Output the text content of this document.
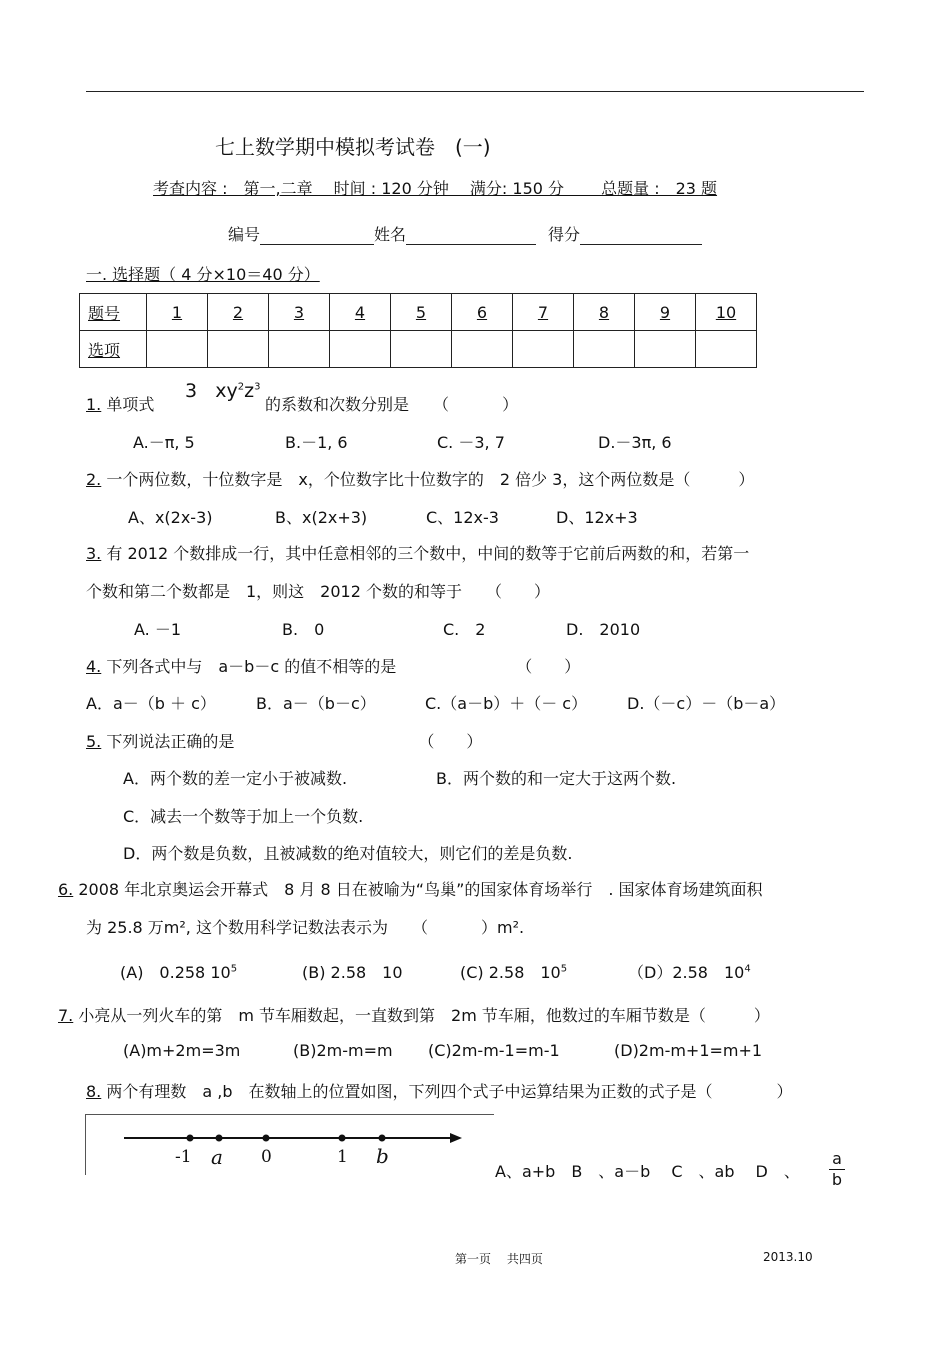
七上数学期中模拟考试卷　(一)
考查内容 :　第一,二章　 时间 : 120 分钟　 满分: 150 分　　 总题量 :　23 题
编号	姓名	得分
一. 选择题（ 4 分×10＝40 分）
题号	1	2	3	4	5	6	7	8	9	10
选项										
1. 单项式
3 $xy^2z^3$
的系数和次数分别是　　（　　　 ）
A.－π, 5	B.－1, 6	C. －3, 7	D.－3π, 6
2. 一个两位数，十位数字是　x，个位数字比十位数字的　2 倍少 3，这个两位数是（　　　）
A、x(2x-3)	B、x(2x+3)	C、12x-3	D、12x+3
3. 有 2012 个数排成一行，其中任意相邻的三个数中，中间的数等于它前后两数的和，若第一
个数和第二个数都是　1，则这　2012 个数的和等于　　（　　）
A. －1	B.　0	C.　2	D.　2010
4. 下列各式中与　a－b－c 的值不相等的是　　　　　　　　（　　）
A．a－（b ＋ c）	B．a－（b－c）	C.（a－b）＋（－ c） D.（－c）－（b－a）
5. 下列说法正确的是　　　　　　　　　　　　（　　）
A．两个数的差一定小于被减数.	B．两个数的和一定大于这两个数.
C．减去一个数等于加上一个负数.
D．两个数是负数，且被减数的绝对值较大，则它们的差是负数.
6. 2008 年北京奥运会开幕式　8 月 8 日在被喻为“鸟巢”的国家体育场举行　. 国家体育场建筑面积
为 25.8 万m², 这个数用科学记数法表示为　　（　　　 ）m².
(A)　0.258 $10^5$	(B) 2.58　10	(C) 2.58　$10^5$	（D）2.58　$10^4$
7. 小亮从一列火车的第　m 节车厢数起，一直数到第　2m 节车厢，他数过的车厢节数是（　　　）
(A)m+2m=3m	(B)2m-m=m (C)2m-m-1=m-1	(D)2m-m+1=m+1
8. 两个有理数　a ,b　在数轴上的位置如图，下列四个式子中运算结果为正数的式子是（　　　　）
-1 a 0	1 b
A、a+b　B　、a－b　 C　、ab　 D　、
a
b
第一页　 共四页	2013.10
